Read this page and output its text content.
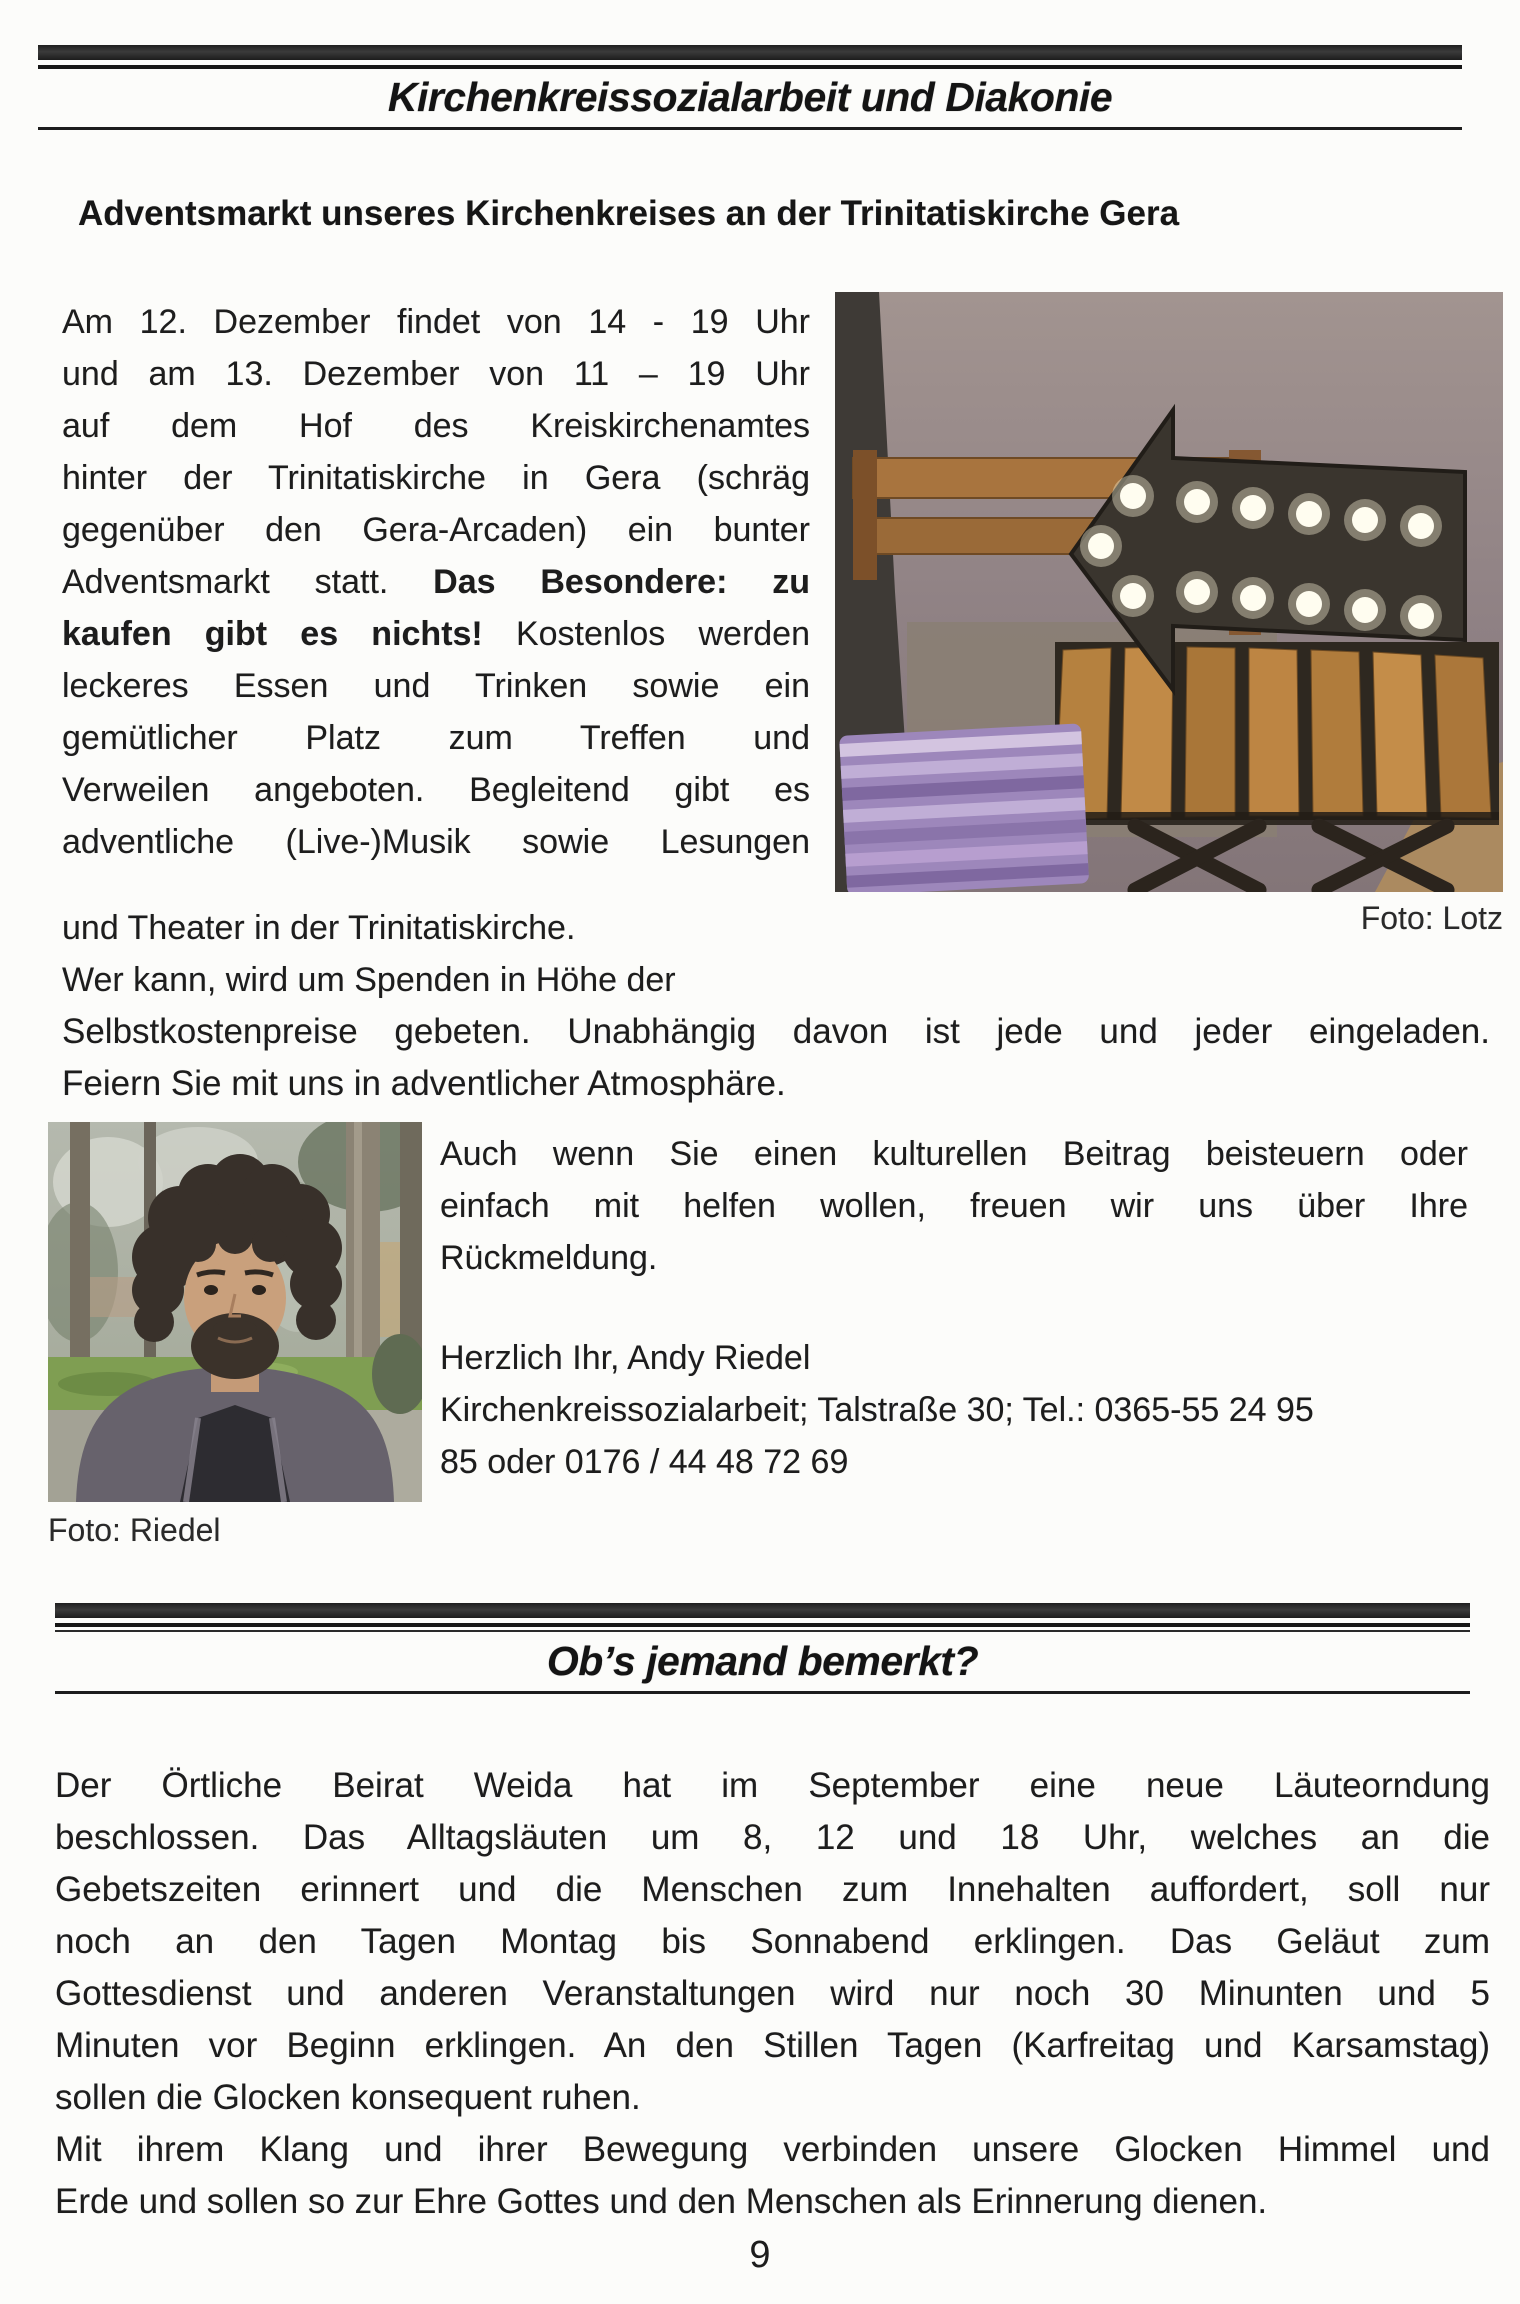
Kirchenkreissozialarbeit und Diakonie
Adventsmarkt unseres Kirchenkreises an der Trinitatiskirche Gera
Am 12. Dezember findet von 14 - 19 Uhr
und am 13. Dezember von 11 – 19 Uhr
auf dem Hof des Kreiskirchenamtes
hinter der Trinitatiskirche in Gera (schräg
gegenüber den Gera-Arcaden) ein bunter
Adventsmarkt statt. Das Besondere: zu
kaufen gibt es nichts! Kostenlos werden
leckeres Essen und Trinken sowie ein
gemütlicher Platz zum Treffen und
Verweilen angeboten. Begleitend gibt es
adventliche (Live-)Musik sowie Lesungen
Foto: Lotz
und Theater in der Trinitatiskirche.
Wer kann, wird um Spenden in Höhe der
Selbstkostenpreise gebeten. Unabhängig davon ist jede und jeder eingeladen.
Feiern Sie mit uns in adventlicher Atmosphäre.
Foto: Riedel
Auch wenn Sie einen kulturellen Beitrag beisteuern oder
einfach mit helfen wollen, freuen wir uns über Ihre
Rückmeldung.
Herzlich Ihr, Andy Riedel
Kirchenkreissozialarbeit; Talstraße 30; Tel.: 0365-55 24 95
85 oder 0176 / 44 48 72 69
Ob’s jemand bemerkt?
Der Örtliche Beirat Weida hat im September eine neue Läuteorndung
beschlossen. Das Alltagsläuten um 8, 12 und 18 Uhr, welches an die
Gebetszeiten erinnert und die Menschen zum Innehalten auffordert, soll nur
noch an den Tagen Montag bis Sonnabend erklingen. Das Geläut zum
Gottesdienst und anderen Veranstaltungen wird nur noch 30 Minunten und 5
Minuten vor Beginn erklingen. An den Stillen Tagen (Karfreitag und Karsamstag)
sollen die Glocken konsequent ruhen.
Mit ihrem Klang und ihrer Bewegung verbinden unsere Glocken Himmel und
Erde und sollen so zur Ehre Gottes und den Menschen als Erinnerung dienen.
9
